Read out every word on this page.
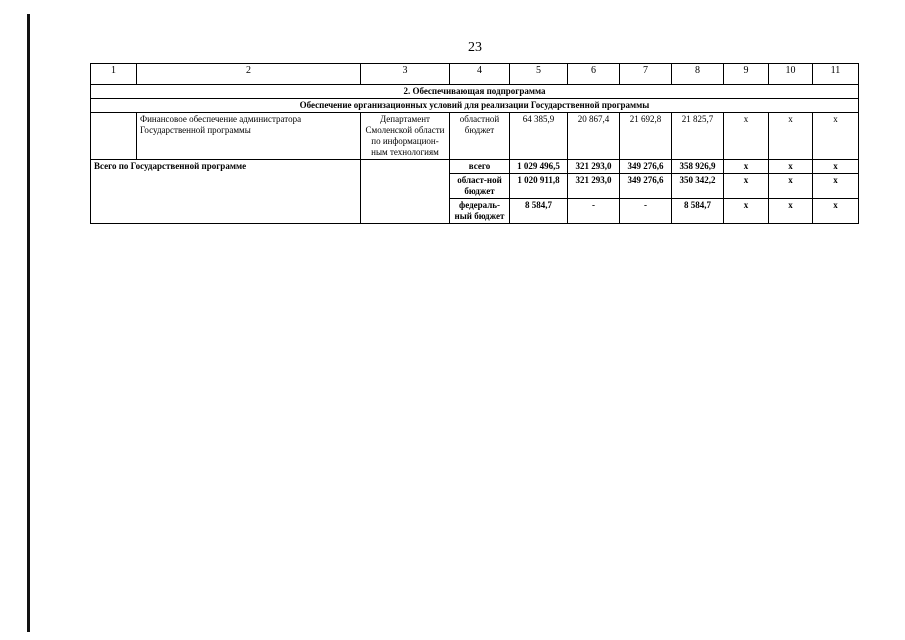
23
1	2	3	4	5	6	7	8	9	10	11
2. Обеспечивающая подпрограмма										
Обеспечение организационных условий для реализации Государственной программы										
	Финансовое обеспечение администратора Государственной программы	Департамент Смоленской области по информацион-ным технологиям	областной бюджет	64 385,9	20 867,4	21 692,8	21 825,7	х	х	х
Всего по Государственной программе			всего	1 029 496,5	321 293,0	349 276,6	358 926,9	х	х	х
			област-ной бюджет	1 020 911,8	321 293,0	349 276,6	350 342,2	х	х	х
			федераль-ный бюджет	8 584,7	-	-	8 584,7	х	х	х
